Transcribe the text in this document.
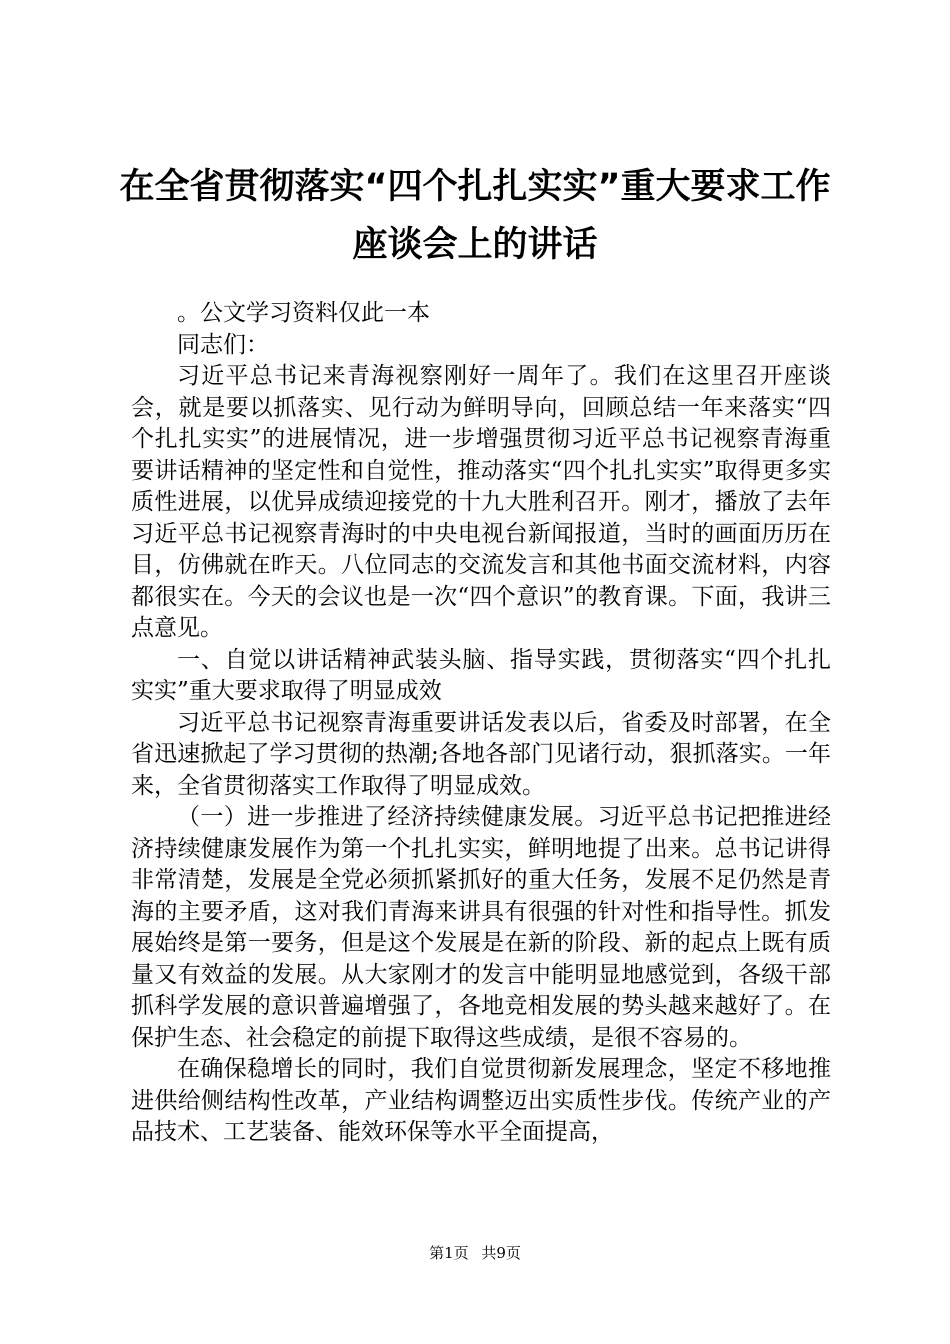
在全省贯彻落实“四个扎扎实实”重大要求工作座谈会上的讲话

。公文学习资料仅此一本

同志们：

习近平总书记来青海视察刚好一周年了。我们在这里召开座谈会，就是要以抓落实、见行动为鲜明导向，回顾总结一年来落实“四个扎扎实实”的进展情况，进一步增强贯彻习近平总书记视察青海重要讲话精神的坚定性和自觉性，推动落实“四个扎扎实实”取得更多实质性进展，以优异成绩迎接党的十九大胜利召开。刚才，播放了去年习近平总书记视察青海时的中央电视台新闻报道，当时的画面历历在目，仿佛就在昨天。八位同志的交流发言和其他书面交流材料，内容都很实在。今天的会议也是一次“四个意识”的教育课。下面，我讲三点意见。

一、自觉以讲话精神武装头脑、指导实践，贯彻落实“四个扎扎实实”重大要求取得了明显成效

习近平总书记视察青海重要讲话发表以后，省委及时部署，在全省迅速掀起了学习贯彻的热潮;各地各部门见诸行动，狠抓落实。一年来，全省贯彻落实工作取得了明显成效。

（一）进一步推进了经济持续健康发展。习近平总书记把推进经济持续健康发展作为第一个扎扎实实，鲜明地提了出来。总书记讲得非常清楚，发展是全党必须抓紧抓好的重大任务，发展不足仍然是青海的主要矛盾，这对我们青海来讲具有很强的针对性和指导性。抓发展始终是第一要务，但是这个发展是在新的阶段、新的起点上既有质量又有效益的发展。从大家刚才的发言中能明显地感觉到，各级干部抓科学发展的意识普遍增强了，各地竞相发展的势头越来越好了。在保护生态、社会稳定的前提下取得这些成绩，是很不容易的。

在确保稳增长的同时，我们自觉贯彻新发展理念，坚定不移地推进供给侧结构性改革，产业结构调整迈出实质性步伐。传统产业的产品技术、工艺装备、能效环保等水平全面提高，

第1页 共9页
